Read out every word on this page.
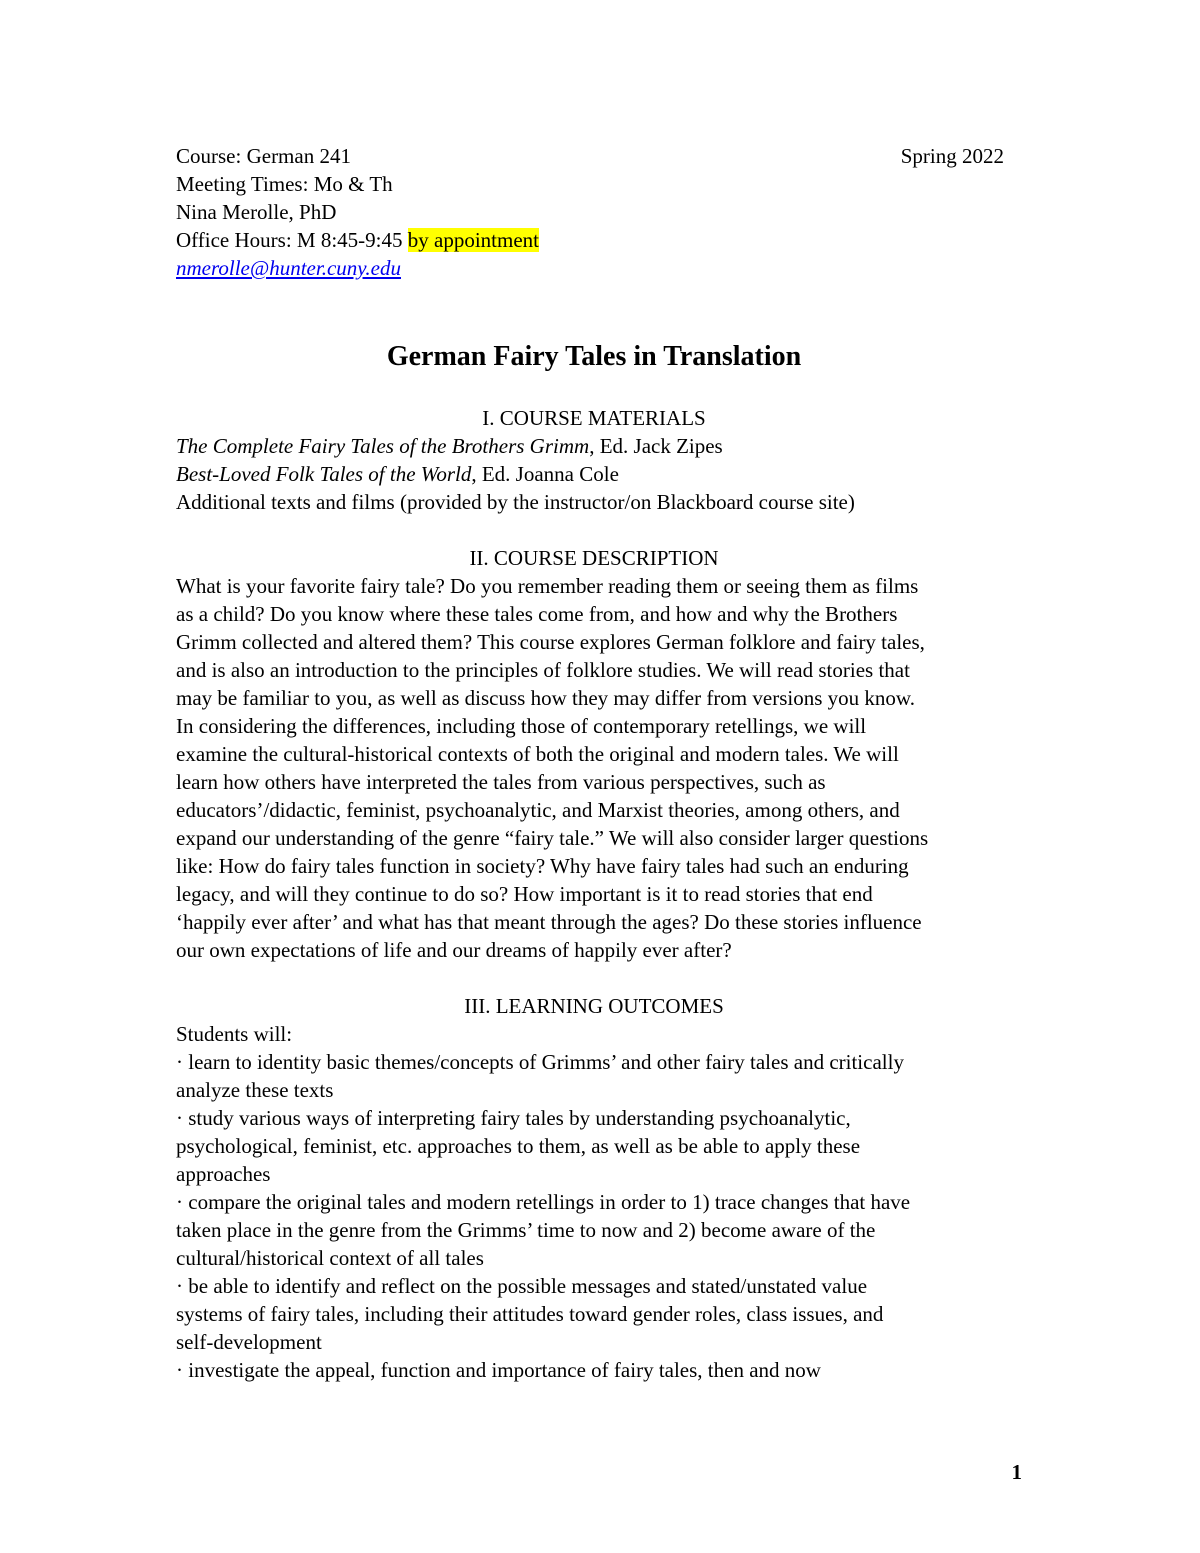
Course: German 241	Spring 2022
Meeting Times: Mo & Th
Nina Merolle, PhD
Office Hours: M 8:45-9:45 by appointment
nmerolle@hunter.cuny.edu
German Fairy Tales in Translation
I. COURSE MATERIALS
The Complete Fairy Tales of the Brothers Grimm, Ed. Jack Zipes
Best-Loved Folk Tales of the World, Ed. Joanna Cole
Additional texts and films (provided by the instructor/on Blackboard course site)
II. COURSE DESCRIPTION
What is your favorite fairy tale? Do you remember reading them or seeing them as films
as a child? Do you know where these tales come from, and how and why the Brothers
Grimm collected and altered them? This course explores German folklore and fairy tales,
and is also an introduction to the principles of folklore studies. We will read stories that
may be familiar to you, as well as discuss how they may differ from versions you know.
In considering the differences, including those of contemporary retellings, we will
examine the cultural-historical contexts of both the original and modern tales. We will
learn how others have interpreted the tales from various perspectives, such as
educators’/didactic, feminist, psychoanalytic, and Marxist theories, among others, and
expand our understanding of the genre “fairy tale.” We will also consider larger questions
like: How do fairy tales function in society? Why have fairy tales had such an enduring
legacy, and will they continue to do so? How important is it to read stories that end
‘happily ever after’ and what has that meant through the ages? Do these stories influence
our own expectations of life and our dreams of happily ever after?
III. LEARNING OUTCOMES
Students will:
· learn to identity basic themes/concepts of Grimms’ and other fairy tales and critically
analyze these texts
· study various ways of interpreting fairy tales by understanding psychoanalytic,
psychological, feminist, etc. approaches to them, as well as be able to apply these
approaches
· compare the original tales and modern retellings in order to 1) trace changes that have
taken place in the genre from the Grimms’ time to now and 2) become aware of the
cultural/historical context of all tales
· be able to identify and reflect on the possible messages and stated/unstated value
systems of fairy tales, including their attitudes toward gender roles, class issues, and
self-development
· investigate the appeal, function and importance of fairy tales, then and now
1
